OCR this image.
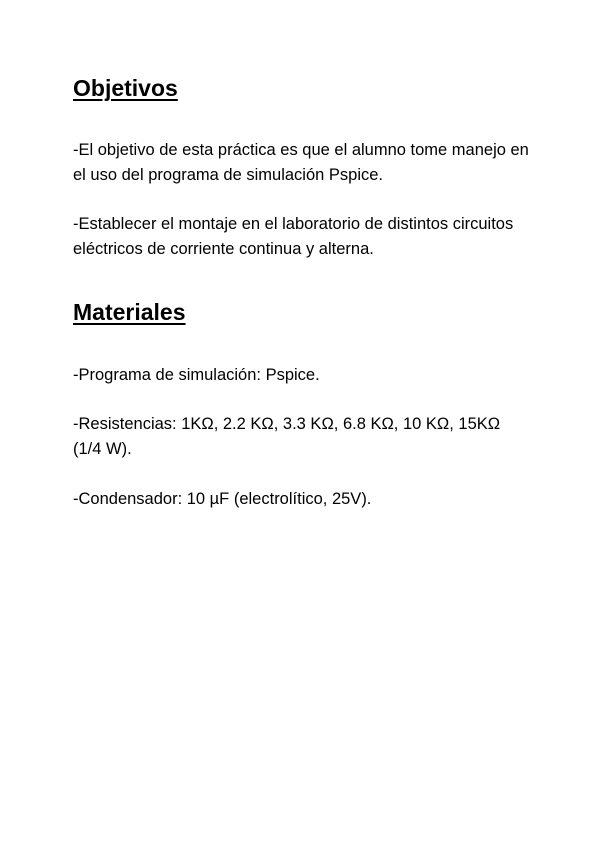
Objetivos

-El objetivo de esta práctica es que el alumno tome manejo en el uso del programa de simulación Pspice.

-Establecer el montaje en el laboratorio de distintos circuitos eléctricos de corriente continua y alterna.

Materiales

-Programa de simulación: Pspice.

-Resistencias: 1KΩ, 2.2 KΩ, 3.3 KΩ, 6.8 KΩ, 10 KΩ, 15KΩ (1/4 W).

-Condensador: 10 µF (electrolítico, 25V).
